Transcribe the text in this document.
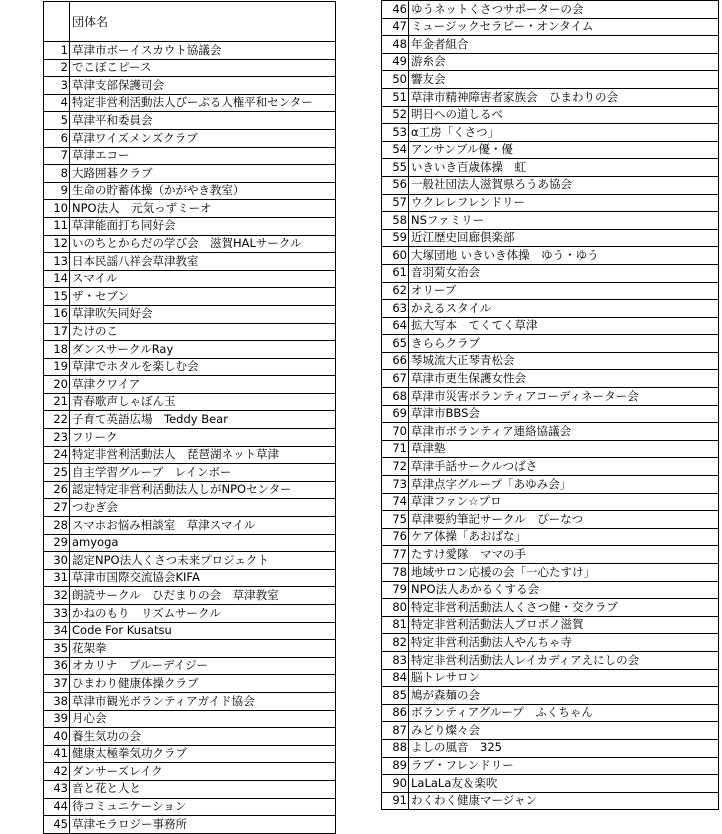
	団体名
1	草津市ボーイスカウト協議会
2	でこぼこピース
3	草津支部保護司会
4	特定非営利活動法人びーぷる人権平和センター
5	草津平和委員会
6	草津ワイズメンズクラブ
7	草津エコー
8	大路囲碁クラブ
9	生命の貯蓄体操（かがやき教室）
10	NPO法人　元気っずミーオ
11	草津能面打ち同好会
12	いのちとからだの学び会　滋賀HALサークル
13	日本民謡八祥会草津教室
14	スマイル
15	ザ・セブン
16	草津吹矢同好会
17	たけのこ
18	ダンスサークルRay
19	草津でホタルを楽しむ会
20	草津クワイア
21	青春歌声しゃぼん玉
22	子育て英語広場　Teddy Bear
23	フリーク
24	特定非営利活動法人　琵琶湖ネット草津
25	自主学習グループ　レインボー
26	認定特定非営利活動法人しがNPOセンター
27	つむぎ会
28	スマホお悩み相談室　草津スマイル
29	amyoga
30	認定NPO法人くさつ未来プロジェクト
31	草津市国際交流協会KIFA
32	朗読サークル　ひだまりの会　草津教室
33	かねのもり　リズムサークル
34	Code For Kusatsu
35	花架拳
36	オカリナ　ブルーデイジー
37	ひまわり健康体操クラブ
38	草津市観光ボランティアガイド協会
39	月心会
40	養生気功の会
41	健康太極拳気功クラブ
42	ダンサーズレイク
43	音と花と人と
44	待コミュニケーション
45	草津モラロジー事務所
46	ゆうネットくさつサポーターの会
47	ミュージックセラピー・オンタイム
48	年金者組合
49	游糸会
50	響友会
51	草津市精神障害者家族会　ひまわりの会
52	明日への道しるべ
53	α工房「くさつ」
54	アンサンブル優・優
55	いきいき百歳体操　虹
56	一般社団法人滋賀県ろうあ協会
57	ウクレレフレンドリー
58	NSファミリー
59	近江歴史回廊倶楽部
60	大塚団地 いきいき体操　ゆう・ゆう
61	音羽菊女治会
62	オリーブ
63	かえるスタイル
64	拡大写本　てくてく草津
65	きららクラブ
66	琴城流大正琴青松会
67	草津市更生保護女性会
68	草津市災害ボランティアコーディネーター会
69	草津市BBS会
70	草津市ボランティア連絡協議会
71	草津塾
72	草津手話サークルつばさ
73	草津点字グループ「あゆみ会」
74	草津ファン☆プロ
75	草津要約筆記サークル　ぴーなつ
76	ケア体操「あおばな」
77	たすけ愛隊　ママの手
78	地域サロン応援の会「一心たすけ」
79	NPO法人あかるくする会
80	特定非営利活動法人くさつ健・交クラブ
81	特定非営利活動法人ブロボノ滋賀
82	特定非営利活動法人やんちゃ寺
83	特定非営利活動法人レイカディアえにしの会
84	脳トレサロン
85	鳩が森麺の会
86	ボランティアグループ　ふくちゃん
87	みどり燦々会
88	よしの風音　325
89	ラブ・フレンドリー
90	LaLaLa友＆楽吹
91	わくわく健康マージャン
